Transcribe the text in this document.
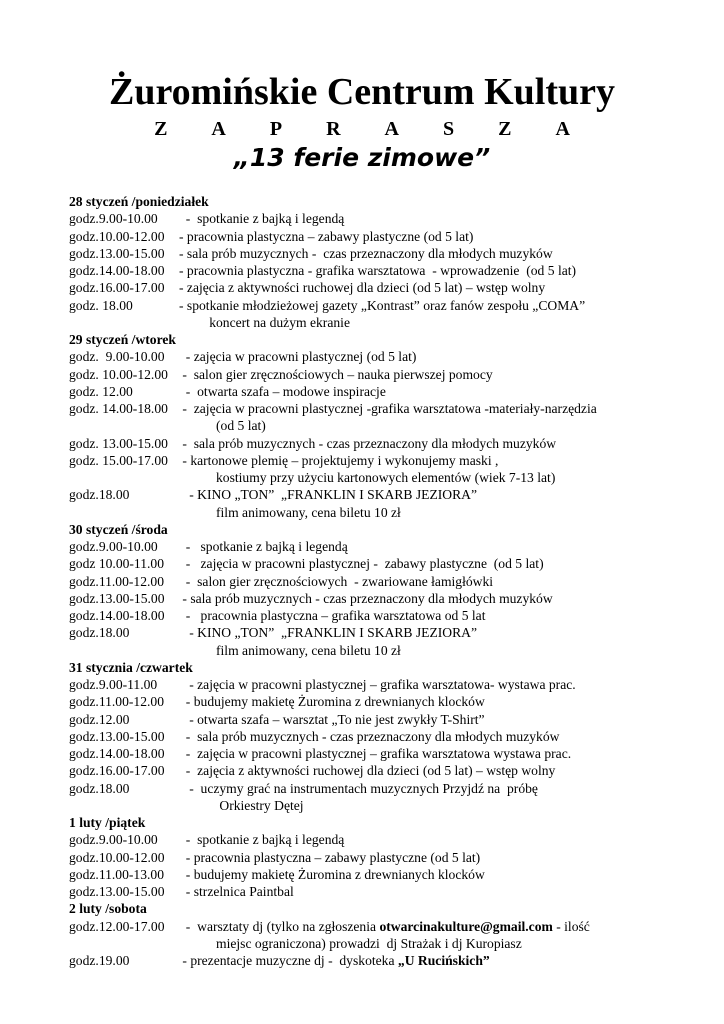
Żuromińskie Centrum Kultury
Z A P R A S Z A
„13 ferie zimowe”
28 styczeń /poniedziałek
godz.9.00-10.00  -  spotkanie z bajką i legendą
godz.10.00-12.00 - pracownia plastyczna – zabawy plastyczne (od 5 lat)
godz.13.00-15.00 - sala prób muzycznych -  czas przeznaczony dla młodych muzyków
godz.14.00-18.00 - pracownia plastyczna - grafika warsztatowa  - wprowadzenie  (od 5 lat)
godz.16.00-17.00 - zajęcia z aktywności ruchowej dla dzieci (od 5 lat) – wstęp wolny
godz. 18.00	- spotkanie młodzieżowej gazety „Kontrast” oraz fanów zespołu „COMA”
koncert na dużym ekranie
29 styczeń /wtorek
godz.  9.00-10.00  - zajęcia w pracowni plastycznej (od 5 lat)
godz. 10.00-12.00 -  salon gier zręcznościowych – nauka pierwszej pomocy
godz. 12.00	-  otwarta szafa – modowe inspiracje
godz. 14.00-18.00 -  zajęcia w pracowni plastycznej -grafika warsztatowa -materiały-narzędzia
(od 5 lat)
godz. 13.00-15.00 -  sala prób muzycznych - czas przeznaczony dla młodych muzyków
godz. 15.00-17.00 - kartonowe plemię – projektujemy i wykonujemy maski ,
kostiumy przy użyciu kartonowych elementów (wiek 7-13 lat)
godz.18.00	- KINO „TON”  „FRANKLIN I SKARB JEZIORA”
film animowany, cena biletu 10 zł
30 styczeń /środa
godz.9.00-10.00  -   spotkanie z bajką i legendą
godz 10.00-11.00  -   zajęcia w pracowni plastycznej -  zabawy plastyczne  (od 5 lat)
godz.11.00-12.00  -  salon gier zręcznościowych  - zwariowane łamigłówki
godz.13.00-15.00 - sala prób muzycznych - czas przeznaczony dla młodych muzyków
godz.14.00-18.00  -   pracownia plastyczna – grafika warsztatowa od 5 lat
godz.18.00	- KINO „TON”  „FRANKLIN I SKARB JEZIORA”
film animowany, cena biletu 10 zł
31 stycznia /czwartek
godz.9.00-11.00   - zajęcia w pracowni plastycznej – grafika warsztatowa- wystawa prac.
godz.11.00-12.00  - budujemy makietę Żuromina z drewnianych klocków
godz.12.00	- otwarta szafa – warsztat „To nie jest zwykły T-Shirt”
godz.13.00-15.00  -  sala prób muzycznych - czas przeznaczony dla młodych muzyków
godz.14.00-18.00  -  zajęcia w pracowni plastycznej – grafika warsztatowa wystawa prac.
godz.16.00-17.00  -  zajęcia z aktywności ruchowej dla dzieci (od 5 lat) – wstęp wolny
godz.18.00	-  uczymy grać na instrumentach muzycznych Przyjdź na  próbę
Orkiestry Dętej
1 luty /piątek
godz.9.00-10.00  -  spotkanie z bajką i legendą
godz.10.00-12.00  - pracownia plastyczna – zabawy plastyczne (od 5 lat)
godz.11.00-13.00  - budujemy makietę Żuromina z drewnianych klocków
godz.13.00-15.00  - strzelnica Paintbal
2 luty /sobota
godz.12.00-17.00  -  warsztaty dj (tylko na zgłoszenia otwarcinakulture@gmail.com - ilość
miejsc ograniczona) prowadzi  dj Strażak i dj Kuropiasz
godz.19.00	- prezentacje muzyczne dj -  dyskoteka „U Rucińskich”
